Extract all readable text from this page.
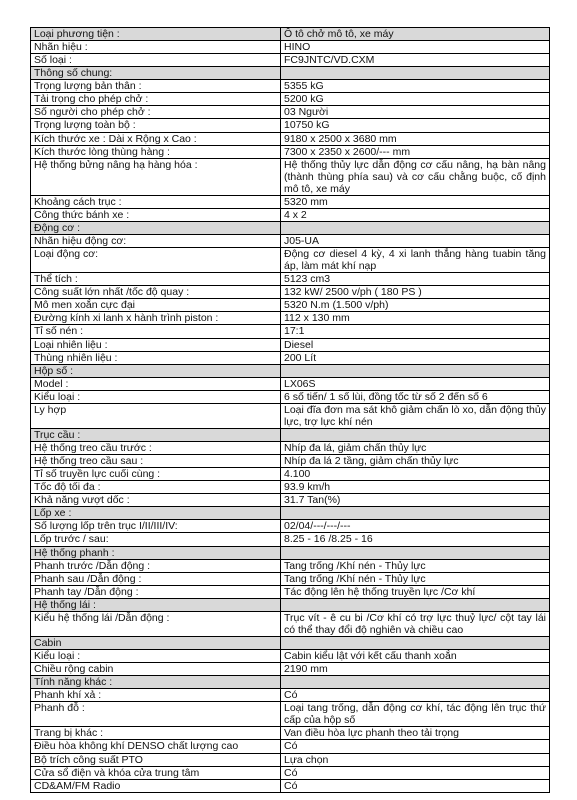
Loại phương tiện :	Ô tô chở mô tô, xe máy
Nhãn hiệu :	HINO
Số loại :	FC9JNTC/VD.CXM
Thông số chung:	
Trọng lượng bản thân :	5355 kG
Tải trọng cho phép chở :	5200 kG
Số người cho phép chở :	03 Người
Trọng lượng toàn bộ :	10750 kG
Kích thước xe : Dài x Rộng x Cao :	9180 x 2500 x 3680 mm
Kích thước lòng thùng hàng :	7300 x 2350 x 2600/--- mm
Hệ thống bửng nâng hạ hàng hóa :	Hệ thống thủy lực dẫn động cơ cấu nâng, hạ bàn nâng (thành thùng phía sau) và cơ cấu chằng buộc, cố định mô tô, xe máy
Khoảng cách trục :	5320 mm
Công thức bánh xe :	4 x 2
Động cơ :	
Nhãn hiệu động cơ:	J05-UA
Loại động cơ:	Động cơ diesel 4 kỳ, 4 xi lanh thẳng hàng tuabin tăng áp, làm mát khí nạp
Thể tích :	5123 cm3
Công suất lớn nhất /tốc độ quay :	132 kW/ 2500 v/ph ( 180 PS )
Mô men xoắn cực đại	5320 N.m (1.500 v/ph)
Đường kính xi lanh x hành trình piston :	112 x 130 mm
Tỉ số nén :	17:1
Loại nhiên liệu :	Diesel
Thùng nhiên liệu :	200 Lít
Hộp số :	
Model :	LX06S
Kiểu loại :	6 số tiến/ 1 số lùi, đồng tốc từ số 2 đến số 6
Ly hợp	Loại đĩa đơn ma sát khô giảm chấn lò xo, dẫn động thủy lực, trợ lực khí nén
Trục cầu :	
Hệ thống treo cầu trước :	Nhíp đa lá, giảm chấn thủy lực
Hệ thống treo cầu sau :	Nhíp đa lá 2 tầng, giảm chấn thủy lực
Tỉ số truyền lực cuối cùng :	4.100
Tốc độ tối đa :	93.9 km/h
Khả năng vượt dốc :	31.7 Tan(%)
Lốp xe :	
Số lượng lốp trên trục I/II/III/IV:	02/04/---/---/---
Lốp trước / sau:	8.25 - 16 /8.25 - 16
Hệ thống phanh :	
Phanh trước /Dẫn động :	Tang trống /Khí nén - Thủy lực
Phanh sau /Dẫn động :	Tang trống /Khí nén - Thủy lực
Phanh tay /Dẫn động :	Tác động lên hệ thống truyền lực /Cơ khí
Hệ thống lái :	
Kiểu hệ thống lái /Dẫn động :	Trục vít - ê cu bi /Cơ khí có trợ lực thuỷ lực/ cột tay lái có thể thay đổi độ nghiên và chiều cao
Cabin	
Kiểu loại :	Cabin kiểu lật với kết cấu thanh xoắn
Chiều rộng cabin	2190 mm
Tính năng khác :	
Phanh khí xả :	Có
Phanh đỗ :	Loại tang trống, dẫn động cơ khí, tác động lên trục thứ cấp của hộp số
Trang bị khác :	Van điều hòa lực phanh theo tải trọng
Điều hòa không khí DENSO chất lượng cao	Có
Bộ trích công suất PTO	Lựa chọn
Cửa sổ điện và khóa cửa trung tâm	Có
CD&AM/FM Radio	Có
